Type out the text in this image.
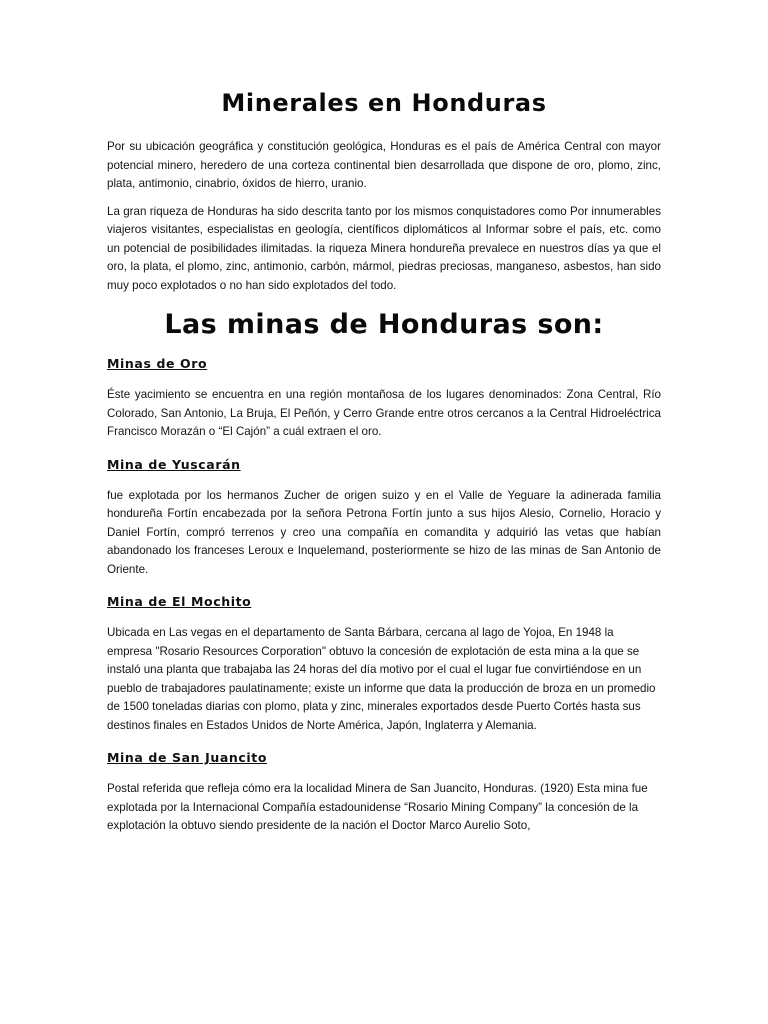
Minerales en Honduras

Por su ubicación geográfica y constitución geológica, Honduras es el país de América Central con mayor potencial minero, heredero de una corteza continental bien desarrollada que dispone de oro, plomo, zinc, plata, antimonio, cinabrio, óxidos de hierro, uranio.

La gran riqueza de Honduras ha sido descrita tanto por los mismos conquistadores como Por innumerables viajeros visitantes, especialistas en geología, científicos diplomáticos al Informar sobre el país, etc. como un potencial de posibilidades ilimitadas. la riqueza Minera hondureña prevalece en nuestros días ya que el oro, la plata, el plomo, zinc, antimonio, carbón, mármol, piedras preciosas, manganeso, asbestos, han sido muy poco explotados o no han sido explotados del todo.

Las minas de Honduras son:
Minas de Oro

Éste yacimiento se encuentra en una región montañosa de los lugares denominados: Zona Central, Río Colorado, San Antonio, La Bruja, El Peñón, y Cerro Grande entre otros cercanos a la Central Hidroeléctrica Francisco Morazán o “El Cajón” a cuál extraen el oro.

Mina de Yuscarán

fue explotada por los hermanos Zucher de origen suizo y en el Valle de Yeguare la adinerada familia hondureña Fortín encabezada por la señora Petrona Fortín junto a sus hijos Alesio, Cornelio, Horacio y Daniel Fortín, compró terrenos y creo una compañía en comandita y adquirió las vetas que habían abandonado los franceses Leroux e Inquelemand, posteriormente se hizo de las minas de San Antonio de Oriente.

Mina de El Mochito

Ubicada en Las vegas en el departamento de Santa Bárbara, cercana al lago de Yojoa, En 1948 la empresa "Rosario Resources Corporation" obtuvo la concesión de explotación de esta mina a la que se instaló una planta que trabajaba las 24 horas del día motivo por el cual el lugar fue convirtiéndose en un pueblo de trabajadores paulatinamente; existe un informe que data la producción de broza en un promedio de 1500 toneladas diarias con plomo, plata y zinc, minerales exportados desde Puerto Cortés hasta sus destinos finales en Estados Unidos de Norte América, Japón, Inglaterra y Alemania.

Mina de San Juancito

Postal referida que refleja cómo era la localidad Minera de San Juancito, Honduras. (1920) Esta mina fue explotada por la Internacional Compañía estadounidense “Rosario Mining Company” la concesión de la explotación la obtuvo siendo presidente de la nación el Doctor Marco Aurelio Soto,
